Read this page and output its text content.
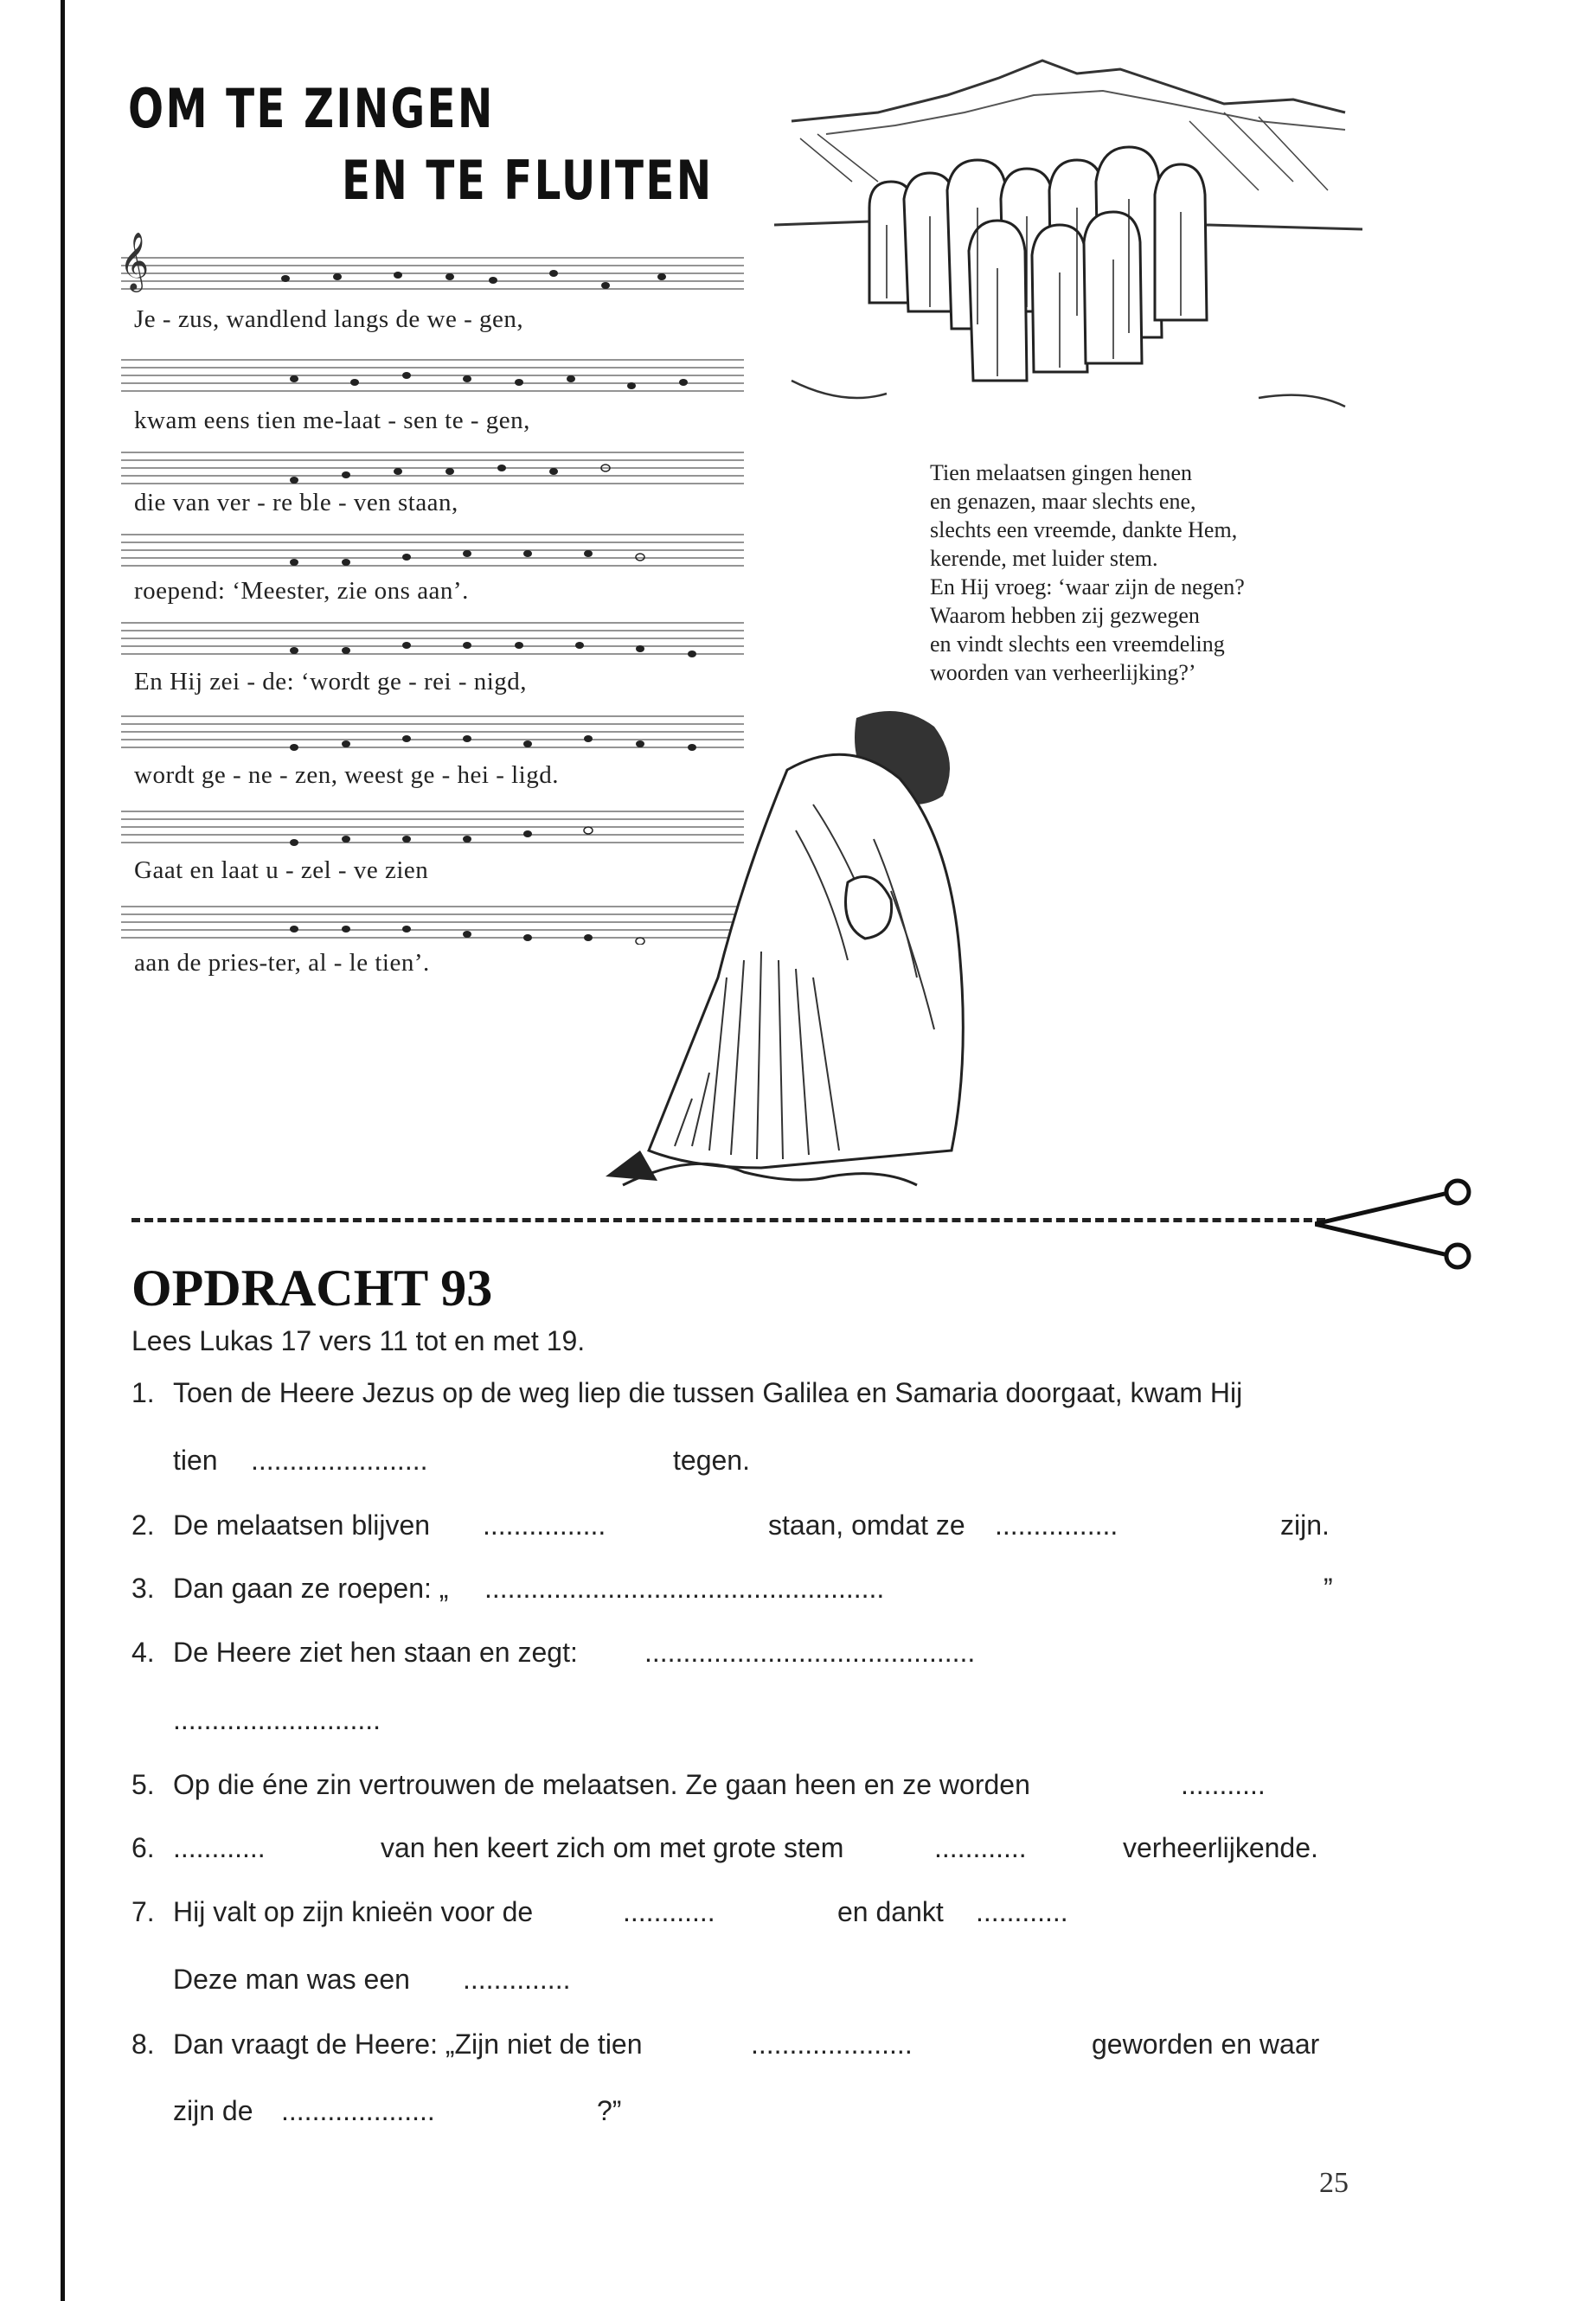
OM TE ZINGEN
EN TE FLUITEN
𝄞
Je - zus, wandlend langs de we - gen,
kwam eens tien me-laat - sen te - gen,
die van ver - re ble - ven staan,
roepend: ‘Meester, zie ons aan’.
En Hij zei - de: ‘wordt ge - rei - nigd,
wordt ge - ne - zen, weest ge - hei - ligd.
Gaat en laat u - zel - ve zien
aan de pries-ter, al - le tien’.
Tien melaatsen gingen henen
en genazen, maar slechts ene,
slechts een vreemde, dankte Hem,
kerende, met luider stem.
En Hij vroeg: ‘waar zijn de negen?
Waarom hebben zij gezwegen
en vindt slechts een vreemdeling
woorden van verheerlijking?’
OPDRACHT 93
Lees Lukas 17 vers 11 tot en met 19.
1. Toen de Heere Jezus op de weg liep die tussen Galilea en Samaria doorgaat, kwam Hij
tien .......................	tegen.
2. De melaatsen blijven ................	staan, omdat ze ................	zijn.
3. Dan gaan ze roepen: „ ....................................................	”
4. De Heere ziet hen staan en zegt: ...........................................
...........................
5. Op die éne zin vertrouwen de melaatsen. Ze gaan heen en ze worden	...........
6. ............	van hen keert zich om met grote stem	............	verheerlijkende.
7. Hij valt op zijn knieën voor de	............	en dankt ............
Deze man was een ..............
8. Dan vraagt de Heere: „Zijn niet de tien	.....................	geworden en waar
zijn de ....................	?”
25
